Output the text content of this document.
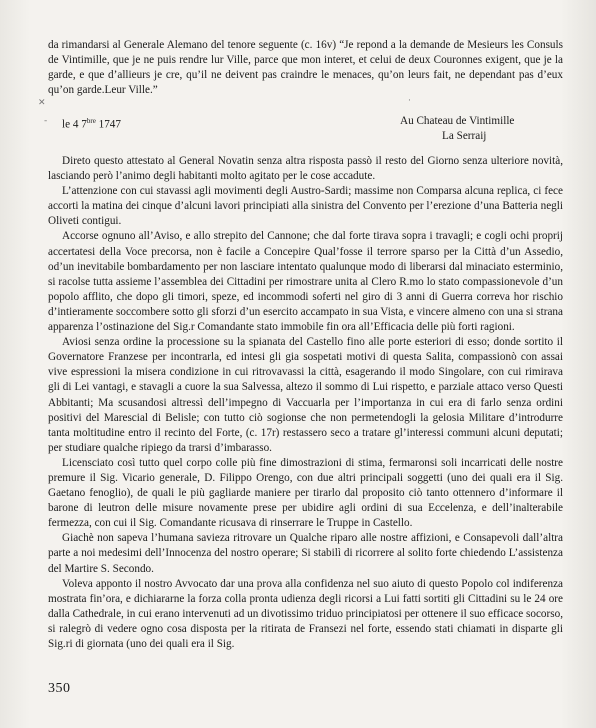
da rimandarsi al Generale Alemano del tenore seguente (c. 16v) “Je repond a la demande de Mesieurs les Consuls de Vintimille, que je ne puis rendre lur Ville, parce que mon interet, et celui de deux Couronnes exigent, que je la garde, e que d’allieurs je cre, qu’il ne deivent pas craindre le menaces, qu’on leurs fait, ne dependant pas d’eux qu’on garde.Leur Ville.”

✕	·
le 4 $7^{bre}$ 1747	Au Chateau de Vintimille
La Serraij
-

Direto questo attestato al General Novatin senza altra risposta passò il resto del Giorno senza ulteriore novità, lasciando però l’animo degli habitanti molto agitato per le cose accadute.

L’attenzione con cui stavassi agli movimenti degli Austro-Sardi; massime non Comparsa alcuna replica, ci fece accorti la matina dei cinque d’alcuni lavori principiati alla sinistra del Convento per l’erezione d’una Batteria negli Oliveti contigui.

Accorse ognuno all’Aviso, e allo strepito del Cannone; che dal forte tirava sopra i travagli; e cogli ochi proprij accertatesi della Voce precorsa, non è facile a Concepire Qual’fosse il terrore sparso per la Città d’un Assedio, od’un inevitabile bombardamento per non lasciare intentato qualunque modo di liberarsi dal minaciato esterminio, si racolse tutta assieme l’assemblea dei Cittadini per rimostrare unita al Clero R.mo lo stato compassionevole d’un popolo afflito, che dopo gli timori, speze, ed incommodi soferti nel giro di 3 anni di Guerra correva hor rischio d’intieramente soccombere sotto gli sforzi d’un esercito accampato in sua Vista, e vincere almeno con una si strana apparenza l’ostinazione del Sig.r Comandante stato immobile fin ora all’Efficacia delle più forti ragioni.

Aviosi senza ordine la processione su la spianata del Castello fino alle porte esteriori di esso; donde sortito il Governatore Franzese per incontrarla, ed intesi gli gia sospetati motivi di questa Salita, compassionò con assai vive espressioni la misera condizione in cui ritrovavassi la città, esagerando il modo Singolare, con cui rimirava gli di Lei vantagi, e stavagli a cuore la sua Salvessa, altezo il sommo di Lui rispetto, e parziale attaco verso Questi Abbitanti; Ma scusandosi altressì dell’impegno di Vaccuarla per l’importanza in cui era di farlo senza ordini positivi del Marescial di Belisle; con tutto ciò sogionse che non permetendogli la gelosia Militare d’introdurre tanta moltitudine entro il recinto del Forte, (c. 17r) restassero seco a tratare gl’interessi communi alcuni deputati; per studiare qualche ripiego da trarsi d’imbarasso.

Licensciato così tutto quel corpo colle più fine dimostrazioni di stima, fermaronsi soli incarricati delle nostre premure il Sig. Vicario generale, D. Filippo Orengo, con due altri principali soggetti (uno dei quali era il Sig. Gaetano fenoglio), de quali le più gagliarde maniere per tirarlo dal proposito ciò tanto ottennero d’informare il barone di leutron delle misure novamente prese per ubidire agli ordini di sua Eccelenza, e dell’inalterabile fermezza, con cui il Sig. Comandante ricusava di rinserrare le Truppe in Castello.

Giachè non sapeva l’humana savieza ritrovare un Qualche riparo alle nostre affizioni, e Consapevoli dall’altra parte a noi medesimi dell’Innocenza del nostro operare; Si stabilì di ricorrere al solito forte chiedendo L’assistenza del Martire S. Secondo.

Voleva apponto il nostro Avvocato dar una prova alla confidenza nel suo aiuto di questo Popolo col indiferenza mostrata fin’ora, e dichiararne la forza colla pronta udienza degli ricorsi a Lui fatti sortiti gli Cittadini su le 24 ore dalla Cathedrale, in cui erano intervenuti ad un divotissimo triduo principiatosi per ottenere il suo efficace socorso, si ralegrò di vedere ogno cosa disposta per la ritirata de Fransezi nel forte, essendo stati chiamati in disparte gli Sig.ri di giornata (uno dei quali era il Sig.

350
